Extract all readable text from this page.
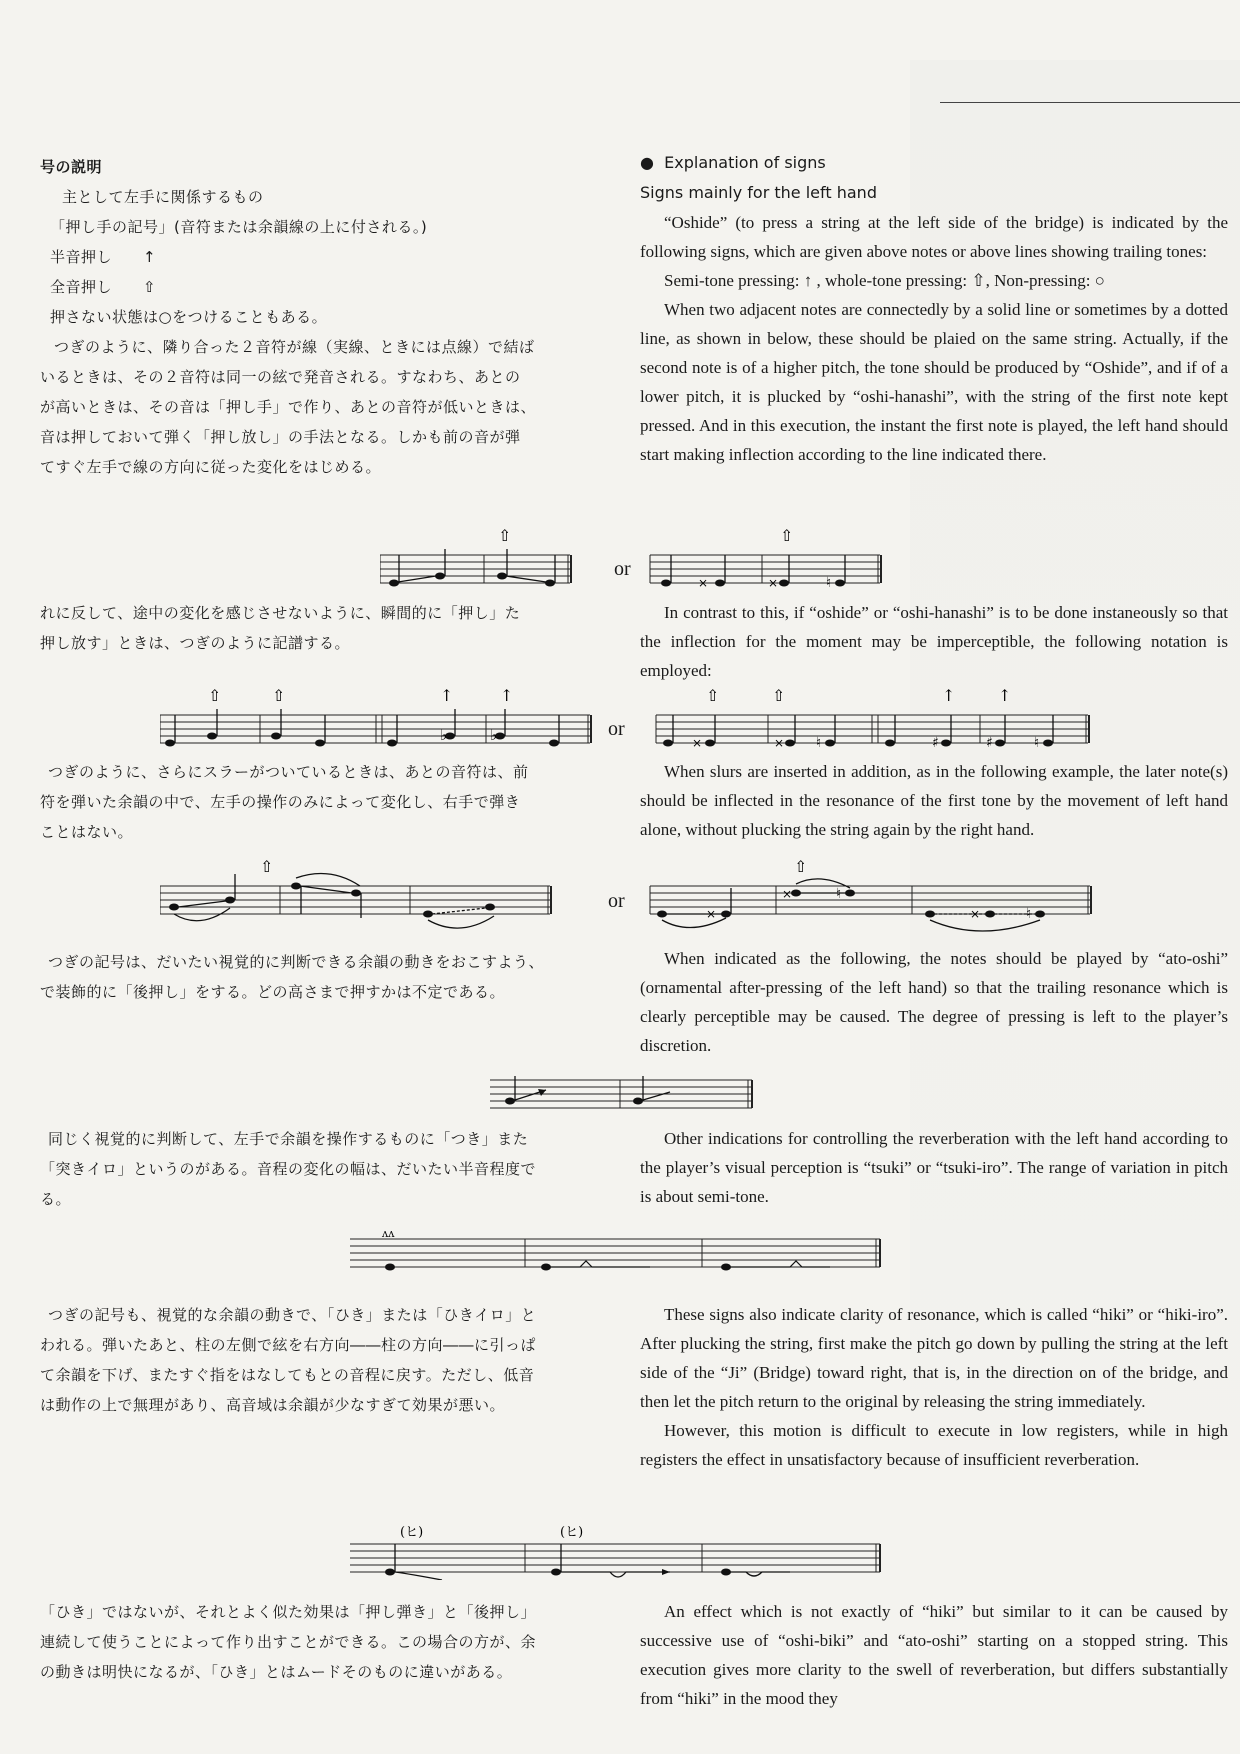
号の説明

主として左手に関係するもの

「押し手の記号」(音符または余韻線の上に付される。)

半音押し　　↑

全音押し　　⇧

押さない状態は○をつけることもある。

つぎのように、隣り合った２音符が線（実線、ときには点線）で結ば

いるときは、その２音符は同一の絃で発音される。すなわち、あとの

が高いときは、その音は「押し手」で作り、あとの音符が低いときは、

音は押しておいて弾く「押し放し」の手法となる。しかも前の音が弾

てすぐ左手で線の方向に従った変化をはじめる。

れに反して、途中の変化を感じさせないように、瞬間的に「押し」た

押し放す」ときは、つぎのように記譜する。

つぎのように、さらにスラーがついているときは、あとの音符は、前

符を弾いた余韻の中で、左手の操作のみによって変化し、右手で弾き

ことはない。

つぎの記号は、だいたい視覚的に判断できる余韻の動きをおこすよう、

で装飾的に「後押し」をする。どの高さまで押すかは不定である。

同じく視覚的に判断して、左手で余韻を操作するものに「つき」また

「突きイロ」というのがある。音程の変化の幅は、だいたい半音程度で

る。

つぎの記号も、視覚的な余韻の動きで、「ひき」または「ひきイロ」と

われる。弾いたあと、柱の左側で絃を右方向――柱の方向――に引っぱ

て余韻を下げ、またすぐ指をはなしてもとの音程に戻す。ただし、低音

は動作の上で無理があり、高音域は余韻が少なすぎて効果が悪い。

「ひき」ではないが、それとよく似た効果は「押し弾き」と「後押し」

連続して使うことによって作り出すことができる。この場合の方が、余

の動きは明快になるが、「ひき」とはムードそのものに違いがある。

●  Explanation of signs

Signs mainly for the left hand

“Oshide” (to press a string at the left side of the bridge) is indicated by the following signs, which are given above notes or above lines showing trailing tones:

Semi-tone pressing: ↑ , whole-tone pressing: ⇧, Non-pressing: ○

When two adjacent notes are connectedly by a solid line or sometimes by a dotted line, as shown in below, these should be plaied on the same string. Actually, if the second note is of a higher pitch, the tone should be produced by “Oshide”, and if of a lower pitch, it is plucked by “oshi-hanashi”, with the string of the first note kept pressed. And in this execution, the instant the first note is played, the left hand should start making inflection according to the line indicated there.

In contrast to this, if “oshide” or “oshi-hanashi” is to be done instaneously so that the inflection for the moment may be imperceptible, the following notation is employed:

When slurs are inserted in addition, as in the following example, the later note(s) should be inflected in the resonance of the first tone by the movement of left hand alone, without plucking the string again by the right hand.

When indicated as the following, the notes should be played by “ato-oshi” (ornamental after-pressing of the left hand) so that the trailing resonance which is clearly perceptible may be caused. The degree of pressing is left to the player’s discretion.

Other indications for controlling the reverberation with the left hand according to the player’s visual perception is “tsuki” or “tsuki-iro”. The range of variation in pitch is about semi-tone.

These signs also indicate clarity of resonance, which is called “hiki” or “hiki-iro”. After plucking the string, first make the pitch go down by pulling the string at the left side of the “Ji” (Bridge) toward right, that is, in the direction on of the bridge, and then let the pitch return to the original by releasing the string immediately.

However, this motion is difficult to execute in low registers, while in high registers the effect in unsatisfactory because of insufficient reverberation.

An effect which is not exactly of “hiki” but similar to it can be caused by successive use of “oshi-biki” and “ato-oshi” starting on a stopped string. This execution gives more clarity to the swell of reverberation, but differs substantially from “hiki” in the mood they

⇧
×	×	♮
⇧
or
⇧	⇧
♭	♭
↑	↑
×	× ♮	♯	♯	♮
⇧	⇧	↑	↑
or
⇧
×
×	♮
×	♮
⇧
or
ʌʌ
(ヒ)	(ヒ)
